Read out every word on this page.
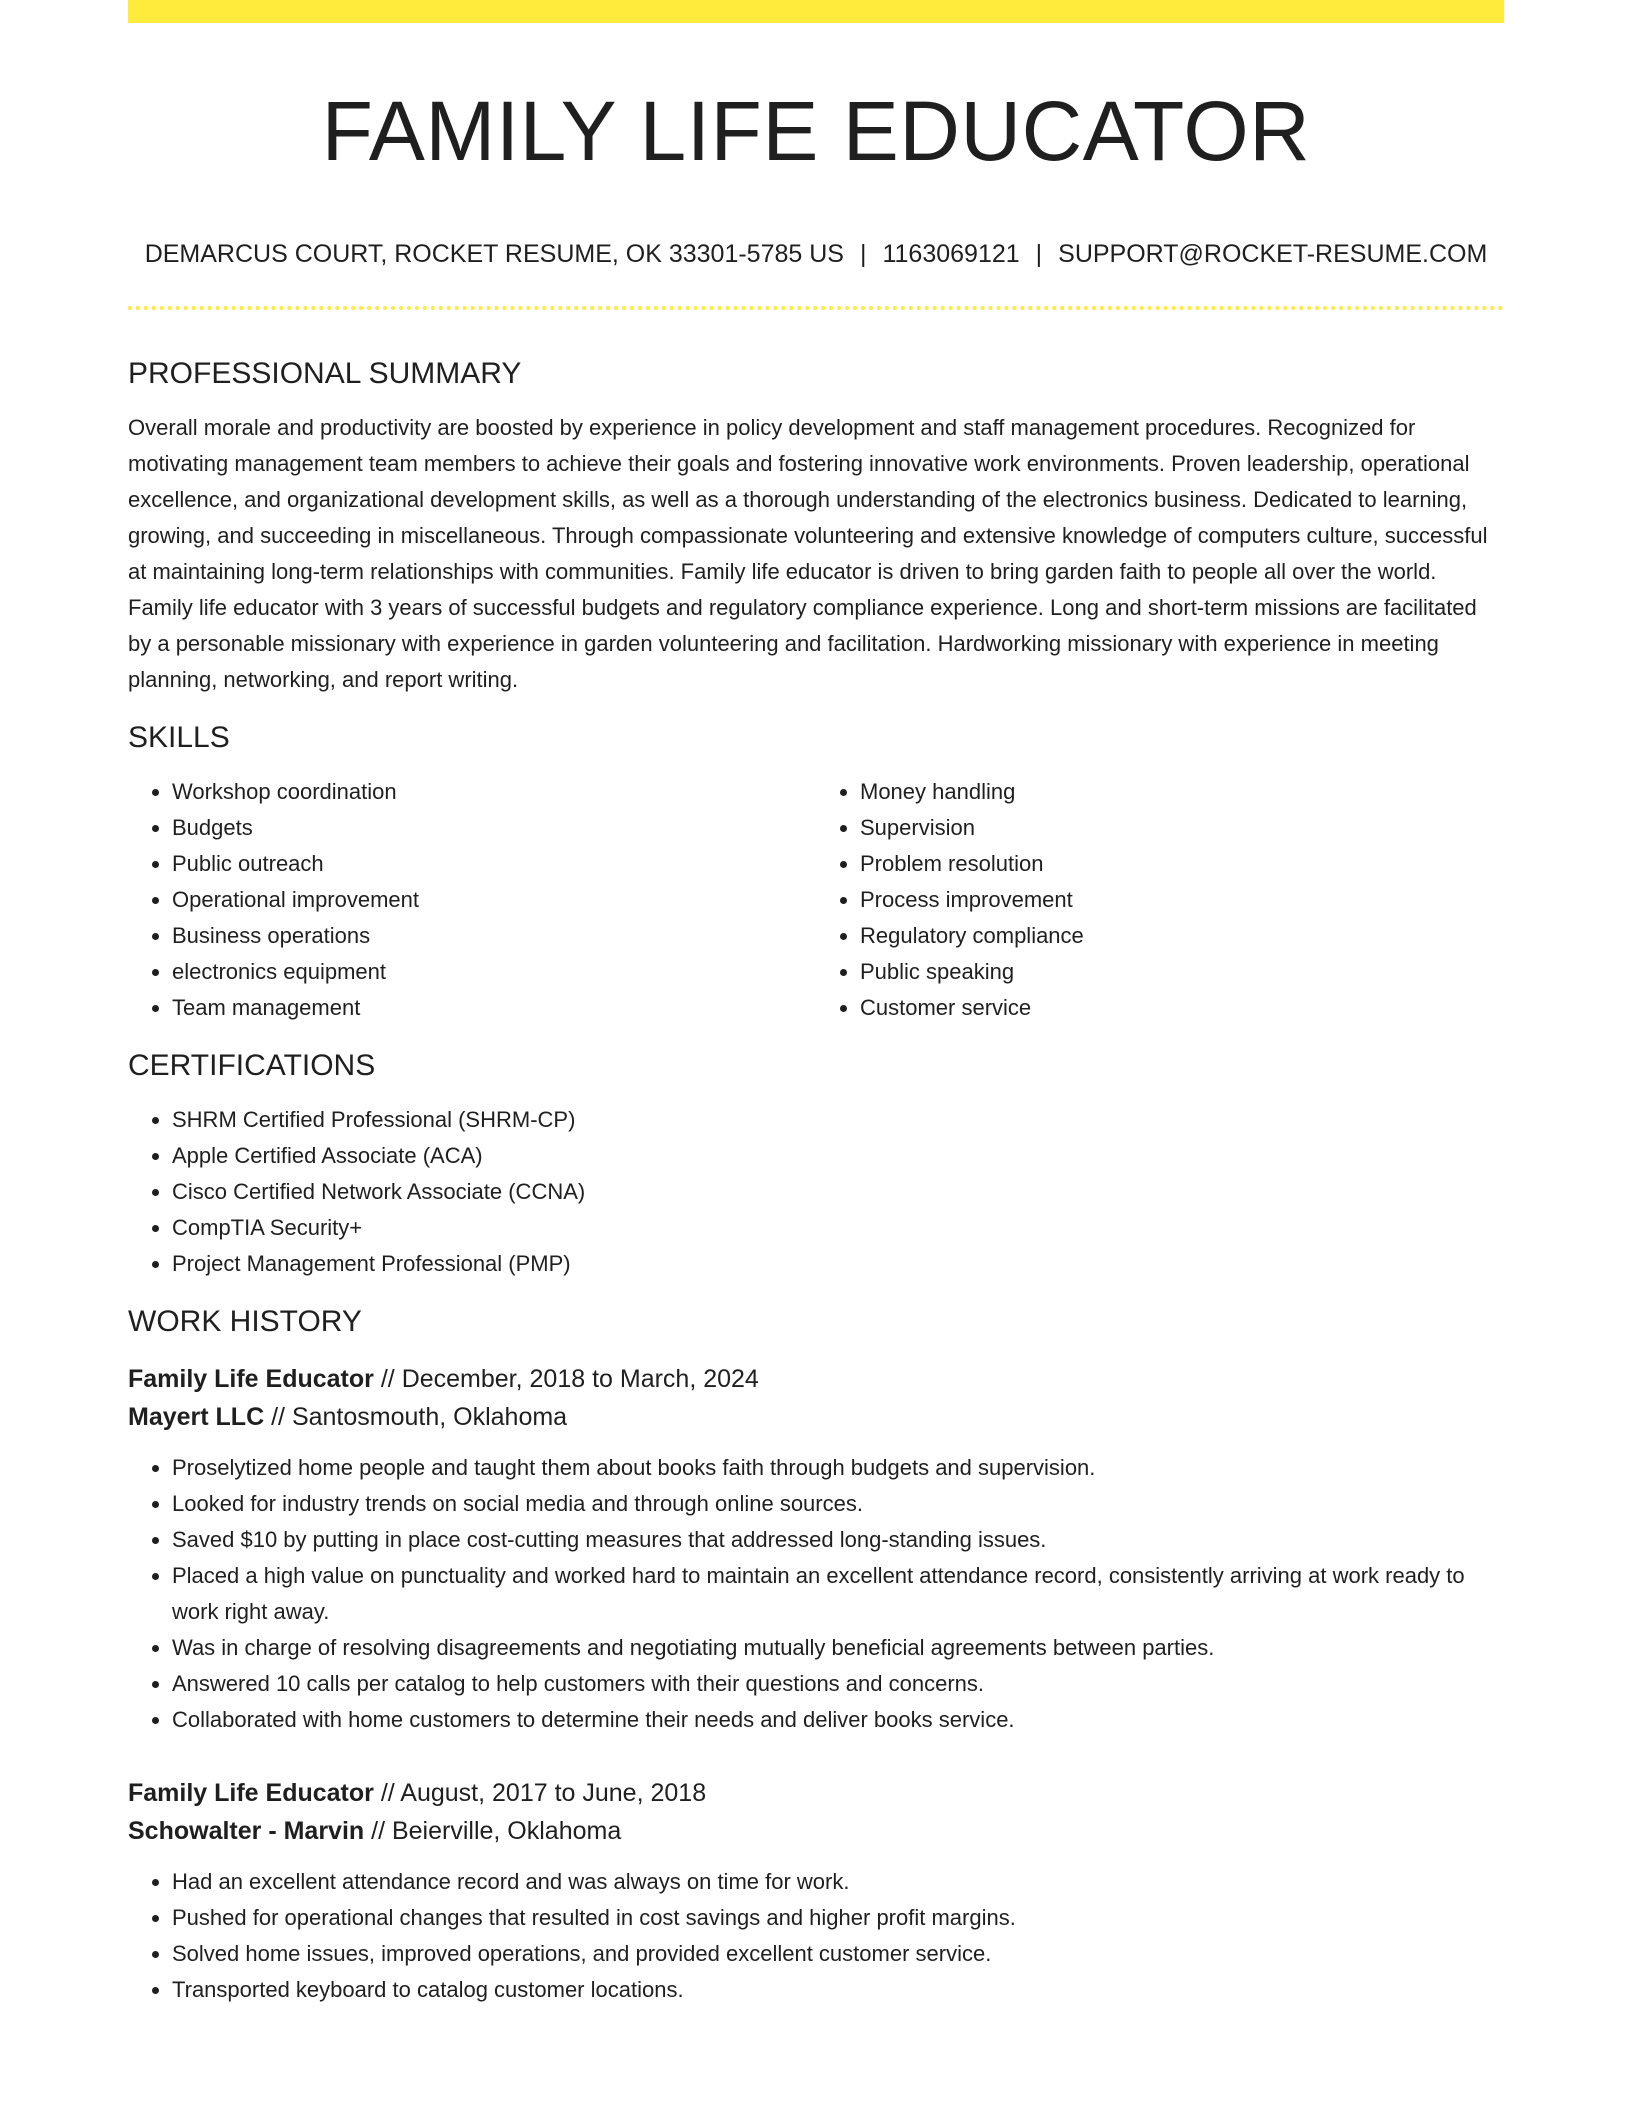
FAMILY LIFE EDUCATOR
DEMARCUS COURT, ROCKET RESUME, OK 33301-5785 US | 1163069121 | SUPPORT@ROCKET-RESUME.COM
PROFESSIONAL SUMMARY

Overall morale and productivity are boosted by experience in policy development and staff management procedures. Recognized for motivating management team members to achieve their goals and fostering innovative work environments. Proven leadership, operational excellence, and organizational development skills, as well as a thorough understanding of the electronics business. Dedicated to learning, growing, and succeeding in miscellaneous. Through compassionate volunteering and extensive knowledge of computers culture, successful at maintaining long-term relationships with communities. Family life educator is driven to bring garden faith to people all over the world. Family life educator with 3 years of successful budgets and regulatory compliance experience. Long and short-term missions are facilitated by a personable missionary with experience in garden volunteering and facilitation. Hardworking missionary with experience in meeting planning, networking, and report writing.

SKILLS
• Workshop coordination
• Budgets
• Public outreach
• Operational improvement
• Business operations
• electronics equipment
• Team management
• Money handling
• Supervision
• Problem resolution
• Process improvement
• Regulatory compliance
• Public speaking
• Customer service
CERTIFICATIONS
• SHRM Certified Professional (SHRM-CP)
• Apple Certified Associate (ACA)
• Cisco Certified Network Associate (CCNA)
• CompTIA Security+
• Project Management Professional (PMP)
WORK HISTORY
Family Life Educator // December, 2018 to March, 2024
Mayert LLC // Santosmouth, Oklahoma
• Proselytized home people and taught them about books faith through budgets and supervision.
• Looked for industry trends on social media and through online sources.
• Saved $10 by putting in place cost-cutting measures that addressed long-standing issues.
• Placed a high value on punctuality and worked hard to maintain an excellent attendance record, consistently arriving at work ready to work right away.
• Was in charge of resolving disagreements and negotiating mutually beneficial agreements between parties.
• Answered 10 calls per catalog to help customers with their questions and concerns.
• Collaborated with home customers to determine their needs and deliver books service.
Family Life Educator // August, 2017 to June, 2018
Schowalter - Marvin // Beierville, Oklahoma
• Had an excellent attendance record and was always on time for work.
• Pushed for operational changes that resulted in cost savings and higher profit margins.
• Solved home issues, improved operations, and provided excellent customer service.
• Transported keyboard to catalog customer locations.
